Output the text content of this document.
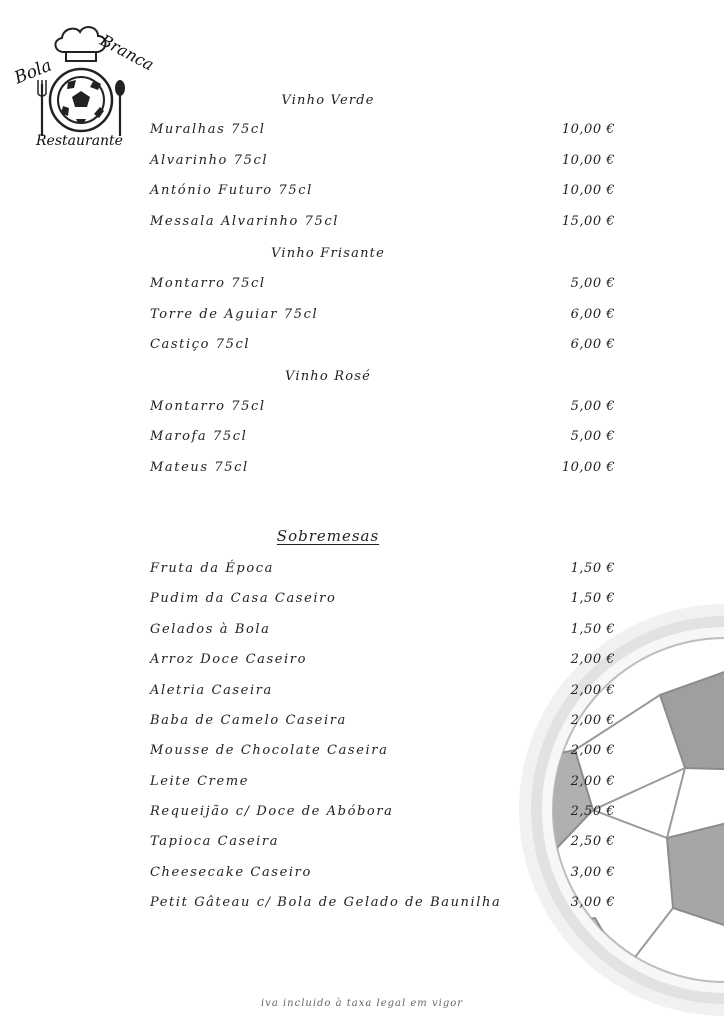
Bola	Branca
Restaurante
Vinho Verde
Muralhas 75cl	10,00 €
Alvarinho 75cl	10,00 €
António Futuro 75cl	10,00 €
Messala Alvarinho 75cl	15,00 €
Vinho Frisante
Montarro 75cl	5,00 €
Torre de Aguiar 75cl	6,00 €
Castiço 75cl	6,00 €
Vinho Rosé
Montarro 75cl	5,00 €
Marofa 75cl	5,00 €
Mateus 75cl	10,00 €
Sobremesas
Fruta da Época	1,50 €
Pudim da Casa Caseiro	1,50 €
Gelados à Bola	1,50 €
Arroz Doce Caseiro	2,00 €
Aletria Caseira	2,00 €
Baba de Camelo Caseira	2,00 €
Mousse de Chocolate Caseira	2,00 €
Leite Creme	2,00 €
Requeijão c/ Doce de Abóbora	2,50 €
Tapioca Caseira	2,50 €
Cheesecake Caseiro	3,00 €
Petit Gâteau c/ Bola de Gelado de Baunilha	3,00 €
iva incluido à taxa legal em vigor
